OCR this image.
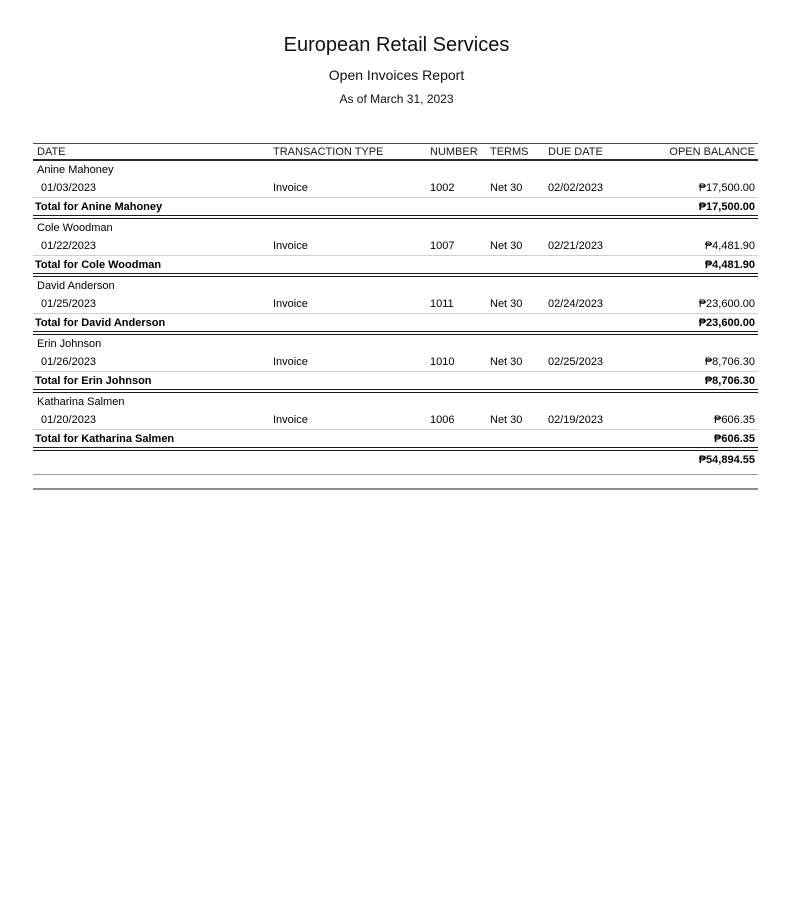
European Retail Services
Open Invoices Report
As of March 31, 2023
DATE	TRANSACTION TYPE	NUMBER	TERMS	DUE DATE	OPEN BALANCE
Anine Mahoney
01/03/2023	Invoice	1002	Net 30	02/02/2023	₱17,500.00
Total for Anine Mahoney	₱17,500.00
Cole Woodman
01/22/2023	Invoice	1007	Net 30	02/21/2023	₱4,481.90
Total for Cole Woodman	₱4,481.90
David Anderson
01/25/2023	Invoice	1011	Net 30	02/24/2023	₱23,600.00
Total for David Anderson	₱23,600.00
Erin Johnson
01/26/2023	Invoice	1010	Net 30	02/25/2023	₱8,706.30
Total for Erin Johnson	₱8,706.30
Katharina Salmen
01/20/2023	Invoice	1006	Net 30	02/19/2023	₱606.35
Total for Katharina Salmen	₱606.35
₱54,894.55
